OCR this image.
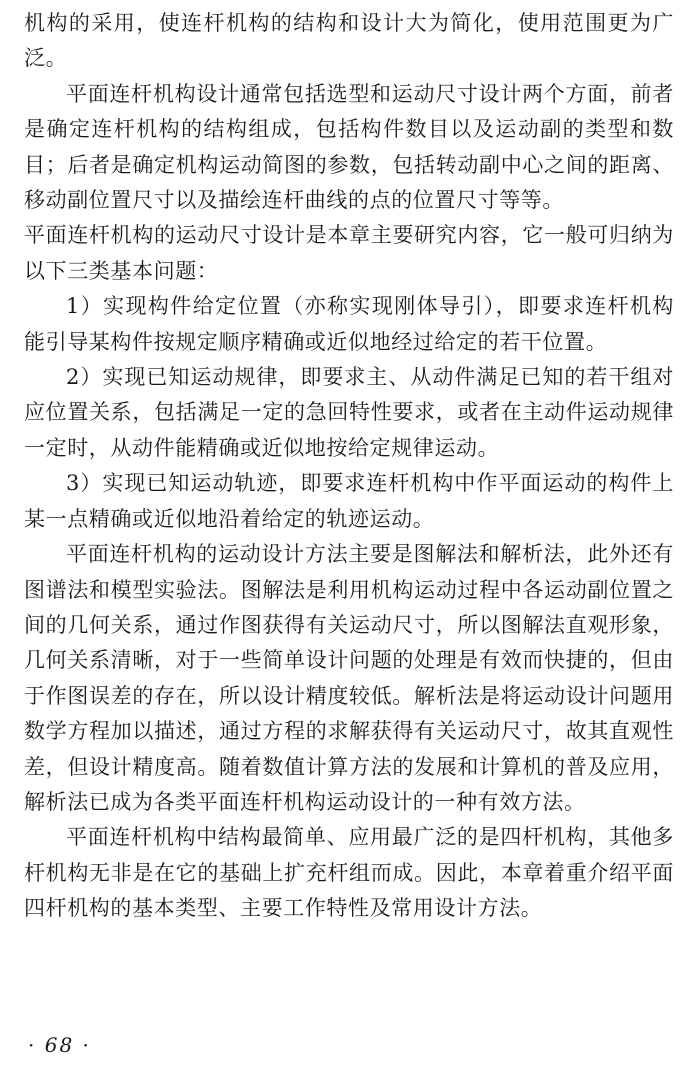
机构的采用，使连杆机构的结构和设计大为简化，使用范围更为广泛。

平面连杆机构设计通常包括选型和运动尺寸设计两个方面，前者是确定连杆机构的结构组成，包括构件数目以及运动副的类型和数目；后者是确定机构运动简图的参数，包括转动副中心之间的距离、移动副位置尺寸以及描绘连杆曲线的点的位置尺寸等等。

平面连杆机构的运动尺寸设计是本章主要研究内容，它一般可归纳为以下三类基本问题：

1）实现构件给定位置（亦称实现刚体导引），即要求连杆机构能引导某构件按规定顺序精确或近似地经过给定的若干位置。

2）实现已知运动规律，即要求主、从动件满足已知的若干组对应位置关系，包括满足一定的急回特性要求，或者在主动件运动规律一定时，从动件能精确或近似地按给定规律运动。

3）实现已知运动轨迹，即要求连杆机构中作平面运动的构件上某一点精确或近似地沿着给定的轨迹运动。

平面连杆机构的运动设计方法主要是图解法和解析法，此外还有图谱法和模型实验法。图解法是利用机构运动过程中各运动副位置之间的几何关系，通过作图获得有关运动尺寸，所以图解法直观形象，几何关系清晰，对于一些简单设计问题的处理是有效而快捷的，但由于作图误差的存在，所以设计精度较低。解析法是将运动设计问题用数学方程加以描述，通过方程的求解获得有关运动尺寸，故其直观性差，但设计精度高。随着数值计算方法的发展和计算机的普及应用，解析法已成为各类平面连杆机构运动设计的一种有效方法。

平面连杆机构中结构最简单、应用最广泛的是四杆机构，其他多杆机构无非是在它的基础上扩充杆组而成。因此，本章着重介绍平面四杆机构的基本类型、主要工作特性及常用设计方法。

· 68 ·
